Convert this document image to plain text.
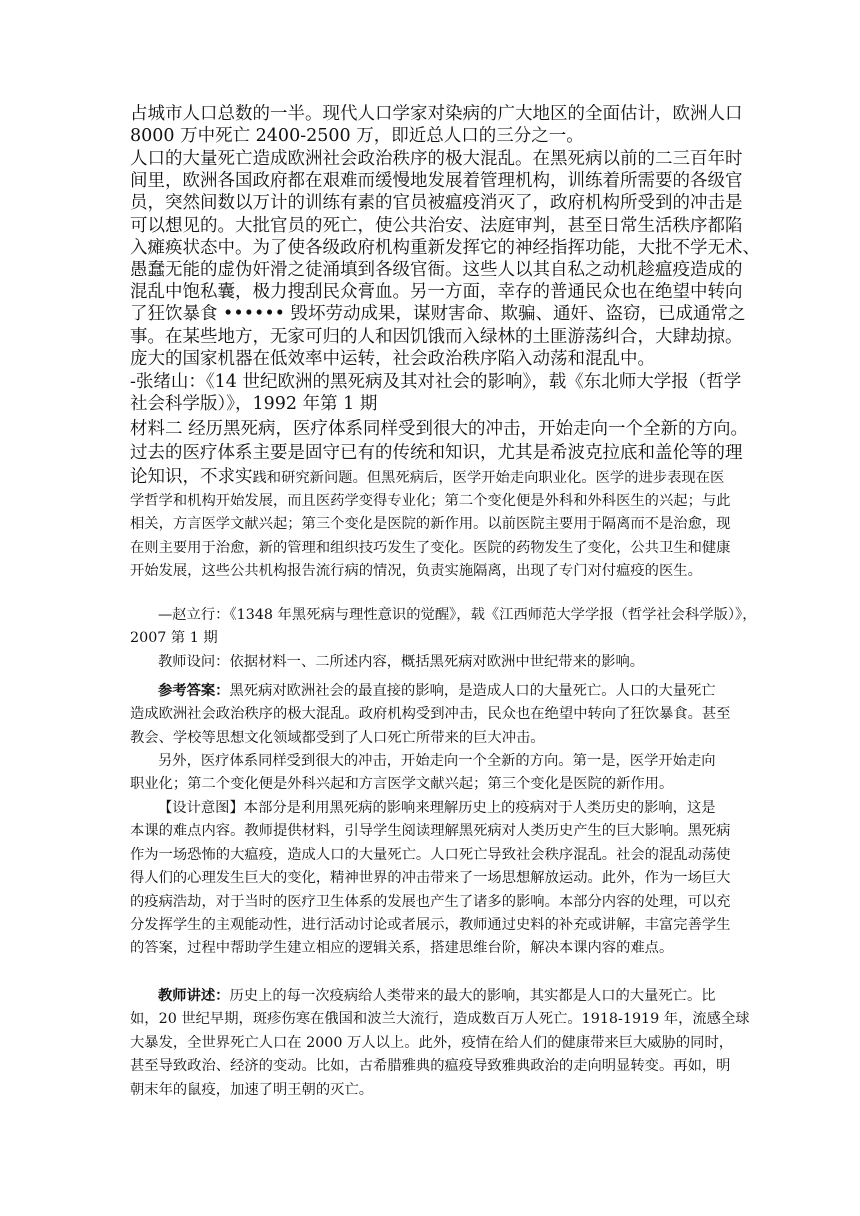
占城市人口总数的一半。现代人口学家对染病的广大地区的全面估计，欧洲人口
8000 万中死亡 2400-2500 万，即近总人口的三分之一。
人口的大量死亡造成欧洲社会政治秩序的极大混乱。在黑死病以前的二三百年时
间里，欧洲各国政府都在艰难而缓慢地发展着管理机构，训练着所需要的各级官
员，突然间数以万计的训练有素的官员被瘟疫消灭了，政府机构所受到的冲击是
可以想见的。大批官员的死亡，使公共治安、法庭审判，甚至日常生活秩序都陷
入瘫痪状态中。为了使各级政府机构重新发挥它的神经指挥功能，大批不学无术、
愚蠢无能的虚伪奸滑之徒涌填到各级官衙。这些人以其自私之动机趁瘟疫造成的
混乱中饱私囊，极力搜刮民众膏血。另一方面，幸存的普通民众也在绝望中转向
了狂饮暴食 •••••• 毁坏劳动成果，谋财害命、欺骗、通奸、盗窃，已成通常之
事。在某些地方，无家可归的人和因饥饿而入绿林的土匪游荡纠合，大肆劫掠。
庞大的国家机器在低效率中运转，社会政治秩序陷入动荡和混乱中。
-张绪山：《14 世纪欧洲的黑死病及其对社会的影响》，载《东北师大学报（哲学
社会科学版）》，1992 年第 1 期
材料二 经历黑死病，医疗体系同样受到很大的冲击，开始走向一个全新的方向。
过去的医疗体系主要是固守已有的传统和知识，尤其是希波克拉底和盖伦等的理
论知识，不求实践和研究新问题。但黑死病后，医学开始走向职业化。医学的进步表现在医
学哲学和机构开始发展，而且医药学变得专业化；第二个变化便是外科和外科医生的兴起；与此
相关，方言医学文献兴起；第三个变化是医院的新作用。以前医院主要用于隔离而不是治愈，现
在则主要用于治愈，新的管理和组织技巧发生了变化。医院的药物发生了变化，公共卫生和健康
开始发展，这些公共机构报告流行病的情况，负责实施隔离，出现了专门对付瘟疫的医生。
—赵立行：《1348 年黑死病与理性意识的觉醒》，载《江西师范大学学报（哲学社会科学版）》，
2007 第 1 期
教师设问：依据材料一、二所述内容，概括黑死病对欧洲中世纪带来的影响。
参考答案：黑死病对欧洲社会的最直接的影响，是造成人口的大量死亡。人口的大量死亡
造成欧洲社会政治秩序的极大混乱。政府机构受到冲击，民众也在绝望中转向了狂饮暴食。甚至
教会、学校等思想文化领域都受到了人口死亡所带来的巨大冲击。
另外，医疗体系同样受到很大的冲击，开始走向一个全新的方向。第一是，医学开始走向
职业化；第二个变化便是外科兴起和方言医学文献兴起；第三个变化是医院的新作用。
【设计意图】本部分是利用黑死病的影响来理解历史上的疫病对于人类历史的影响，这是
本课的难点内容。教师提供材料，引导学生阅读理解黑死病对人类历史产生的巨大影响。黑死病
作为一场恐怖的大瘟疫，造成人口的大量死亡。人口死亡导致社会秩序混乱。社会的混乱动荡使
得人们的心理发生巨大的变化，精神世界的冲击带来了一场思想解放运动。此外，作为一场巨大
的疫病浩劫，对于当时的医疗卫生体系的发展也产生了诸多的影响。本部分内容的处理，可以充
分发挥学生的主观能动性，进行活动讨论或者展示，教师通过史料的补充或讲解，丰富完善学生
的答案，过程中帮助学生建立相应的逻辑关系，搭建思维台阶，解决本课内容的难点。
教师讲述：历史上的每一次疫病给人类带来的最大的影响，其实都是人口的大量死亡。比
如，20 世纪早期，斑疹伤寒在俄国和波兰大流行，造成数百万人死亡。1918-1919 年，流感全球
大暴发，全世界死亡人口在 2000 万人以上。此外，疫情在给人们的健康带来巨大威胁的同时，
甚至导致政治、经济的变动。比如，古希腊雅典的瘟疫导致雅典政治的走向明显转变。再如，明
朝末年的鼠疫，加速了明王朝的灭亡。
